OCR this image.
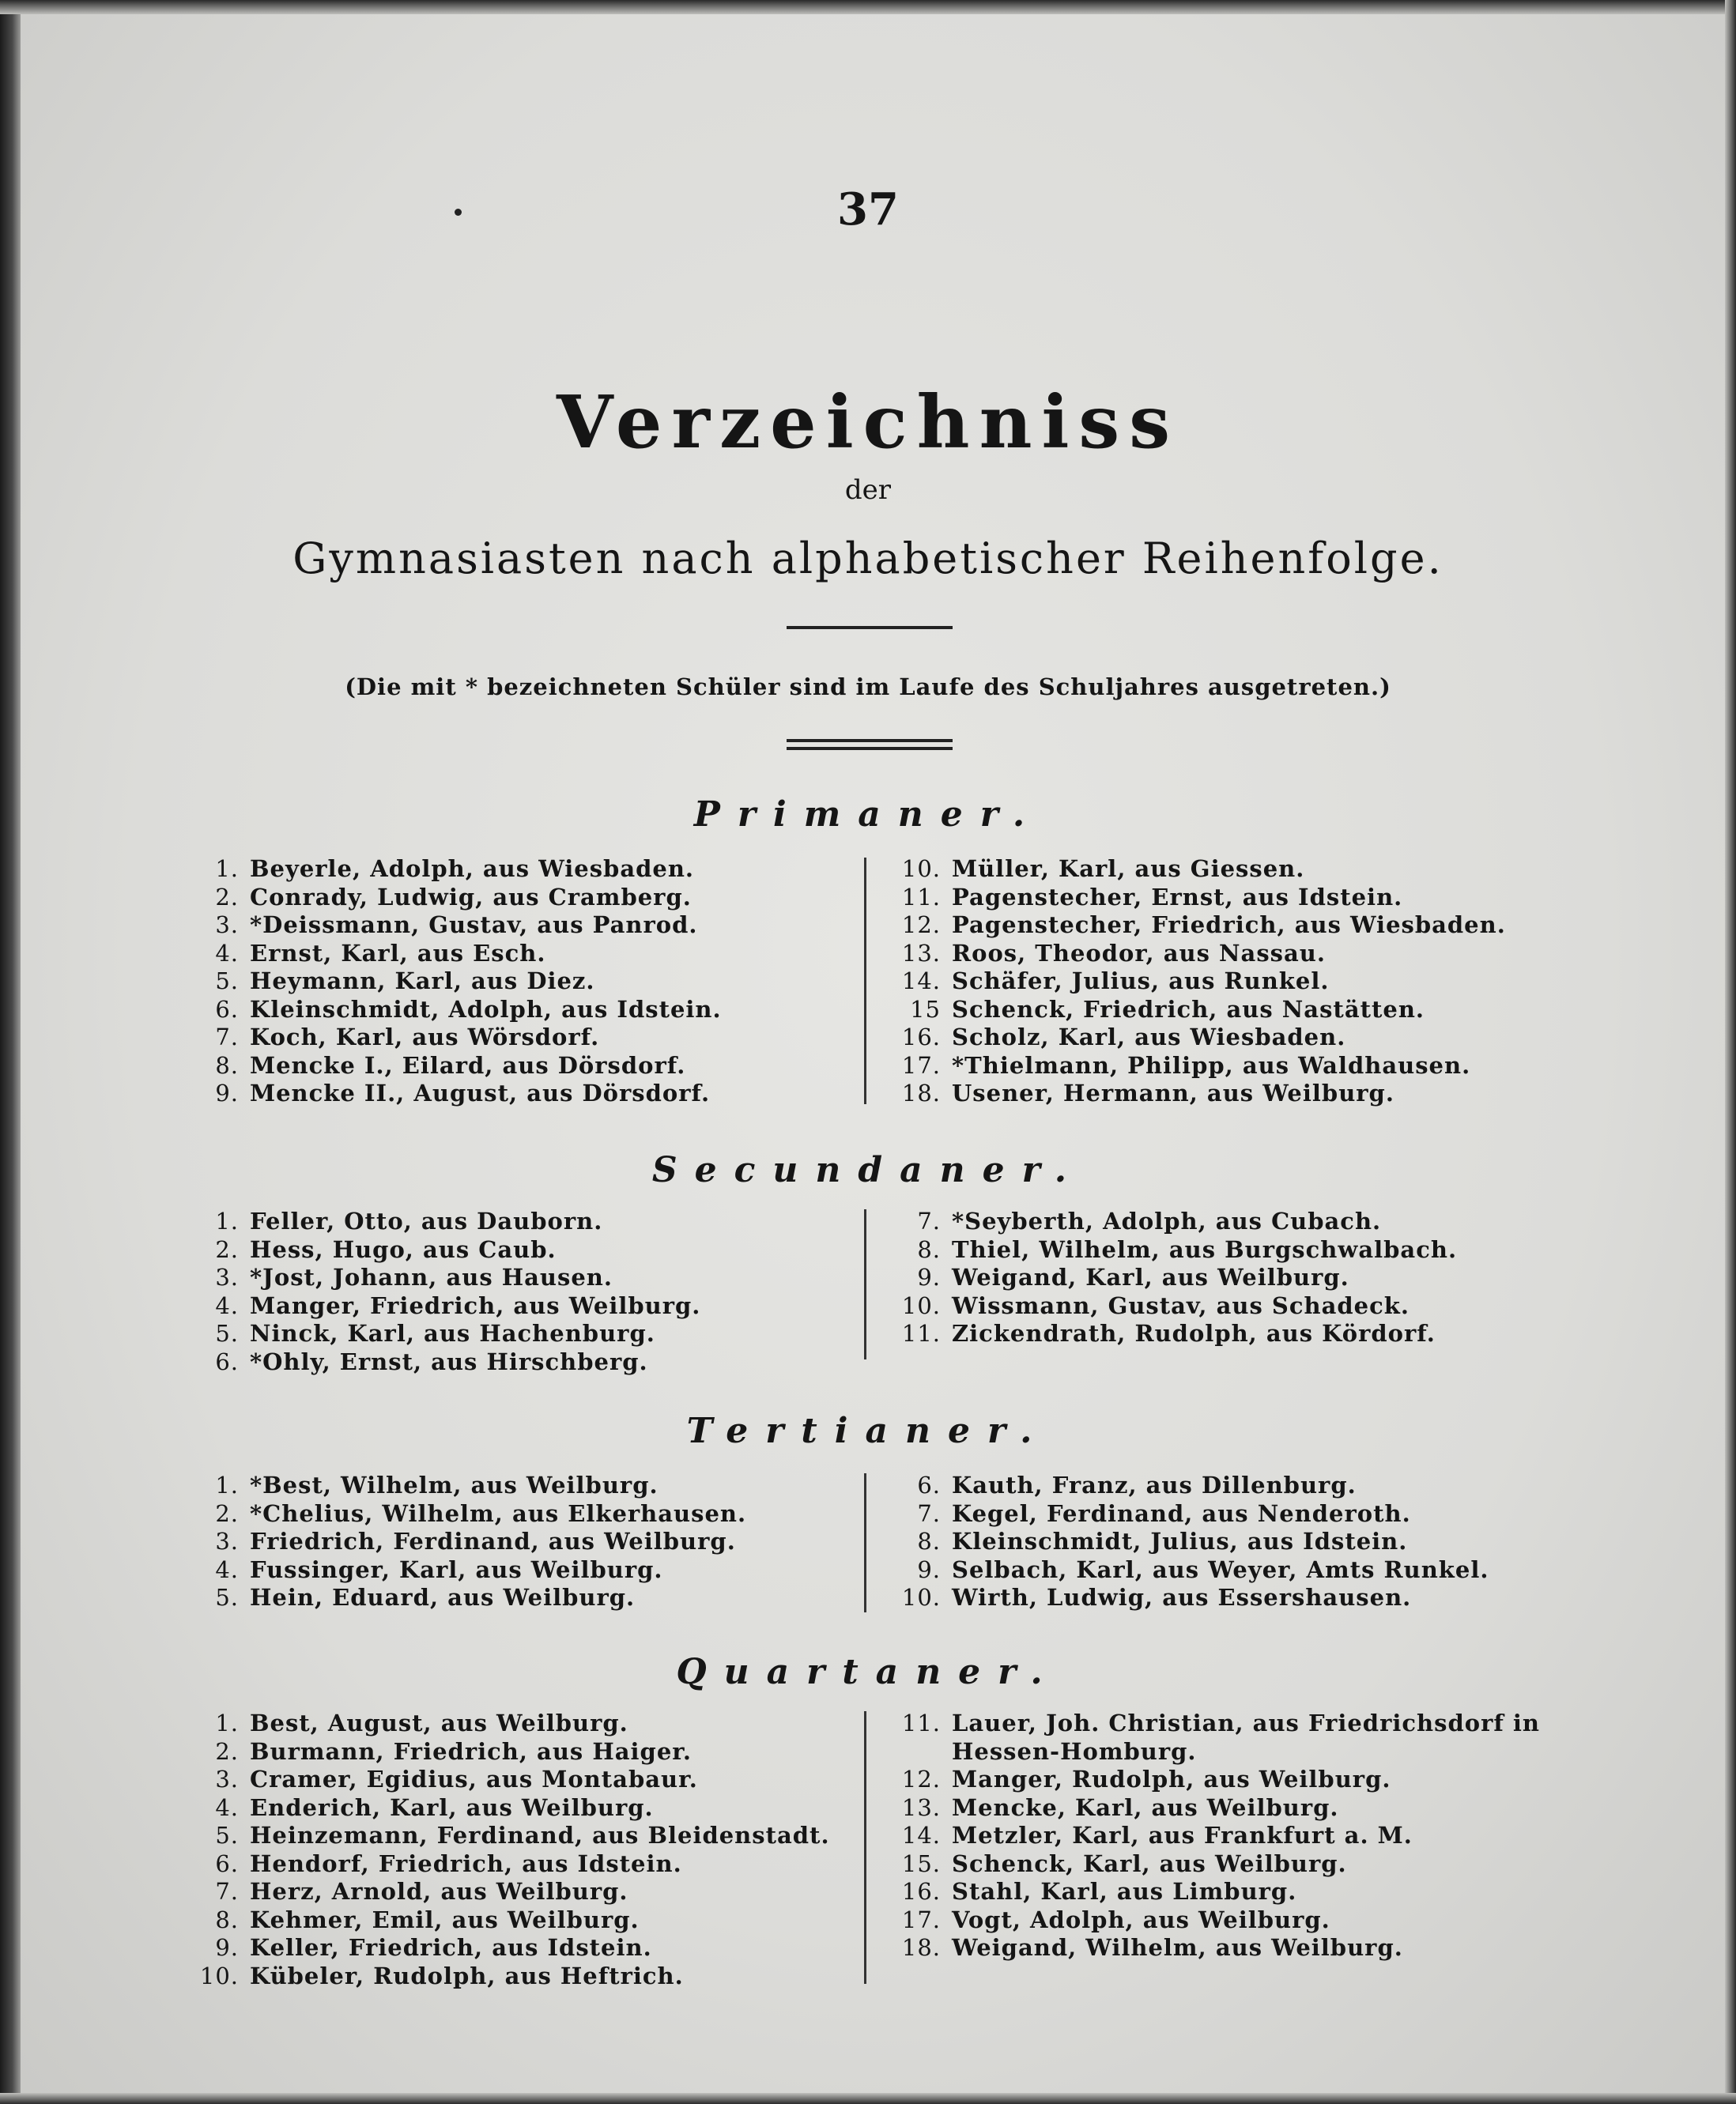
37
Verzeichniss
der
Gymnasiasten nach alphabetischer Reihenfolge.
(Die mit * bezeichneten Schüler sind im Laufe des Schuljahres ausgetreten.)
Primaner.
1. Beyerle, Adolph, aus Wiesbaden.
2. Conrady, Ludwig, aus Cramberg.
3. *Deissmann, Gustav, aus Panrod.
4. Ernst, Karl, aus Esch.
5. Heymann, Karl, aus Diez.
6. Kleinschmidt, Adolph, aus Idstein.
7. Koch, Karl, aus Wörsdorf.
8. Mencke I., Eilard, aus Dörsdorf.
9. Mencke II., August, aus Dörsdorf.
10. Müller, Karl, aus Giessen.
11. Pagenstecher, Ernst, aus Idstein.
12. Pagenstecher, Friedrich, aus Wiesbaden.
13. Roos, Theodor, aus Nassau.
14. Schäfer, Julius, aus Runkel.
15 Schenck, Friedrich, aus Nastätten.
16. Scholz, Karl, aus Wiesbaden.
17. *Thielmann, Philipp, aus Waldhausen.
18. Usener, Hermann, aus Weilburg.
Secundaner.
1. Feller, Otto, aus Dauborn.
2. Hess, Hugo, aus Caub.
3. *Jost, Johann, aus Hausen.
4. Manger, Friedrich, aus Weilburg.
5. Ninck, Karl, aus Hachenburg.
6. *Ohly, Ernst, aus Hirschberg.
7. *Seyberth, Adolph, aus Cubach.
8. Thiel, Wilhelm, aus Burgschwalbach.
9. Weigand, Karl, aus Weilburg.
10. Wissmann, Gustav, aus Schadeck.
11. Zickendrath, Rudolph, aus Kördorf.
Tertianer.
1. *Best, Wilhelm, aus Weilburg.
2. *Chelius, Wilhelm, aus Elkerhausen.
3. Friedrich, Ferdinand, aus Weilburg.
4. Fussinger, Karl, aus Weilburg.
5. Hein, Eduard, aus Weilburg.
6. Kauth, Franz, aus Dillenburg.
7. Kegel, Ferdinand, aus Nenderoth.
8. Kleinschmidt, Julius, aus Idstein.
9. Selbach, Karl, aus Weyer, Amts Runkel.
10. Wirth, Ludwig, aus Essershausen.
Quartaner.
1. Best, August, aus Weilburg.
2. Burmann, Friedrich, aus Haiger.
3. Cramer, Egidius, aus Montabaur.
4. Enderich, Karl, aus Weilburg.
5. Heinzemann, Ferdinand, aus Bleidenstadt.
6. Hendorf, Friedrich, aus Idstein.
7. Herz, Arnold, aus Weilburg.
8. Kehmer, Emil, aus Weilburg.
9. Keller, Friedrich, aus Idstein.
10. Kübeler, Rudolph, aus Heftrich.
11. Lauer, Joh. Christian, aus Friedrichsdorf in
Hessen-Homburg.
12. Manger, Rudolph, aus Weilburg.
13. Mencke, Karl, aus Weilburg.
14. Metzler, Karl, aus Frankfurt a. M.
15. Schenck, Karl, aus Weilburg.
16. Stahl, Karl, aus Limburg.
17. Vogt, Adolph, aus Weilburg.
18. Weigand, Wilhelm, aus Weilburg.
